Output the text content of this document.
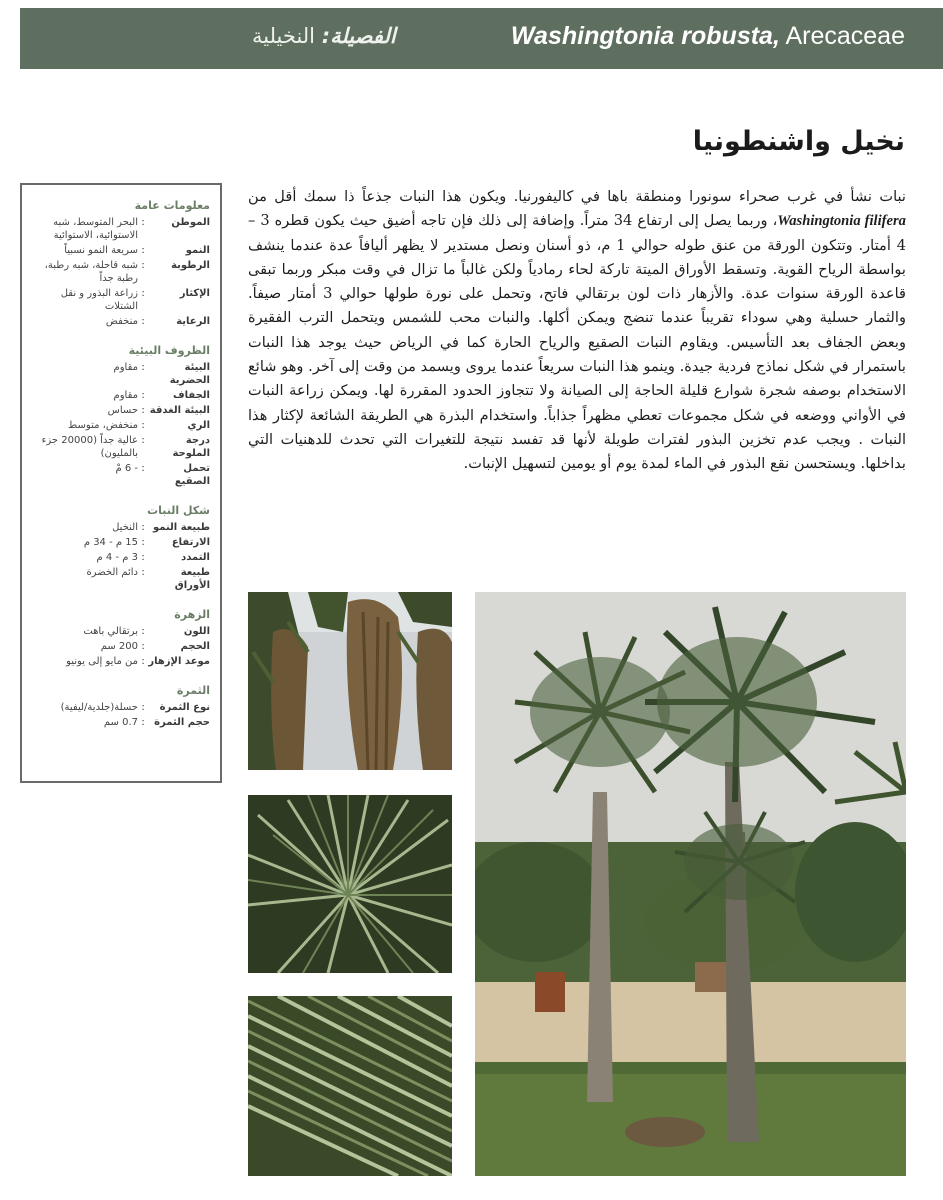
Washingtonia robusta, Arecaceae
الفصيلة: النخيلية
نخيل واشنطونيا
نبات نشأ في غرب صحراء سونورا ومنطقة باها في كاليفورنيا. ويكون هذا النبات جذعاً ذا سمك أقل من Washingtonia filifera، وربما يصل إلى ارتفاع 34 متراً. وإضافة إلى ذلك فإن تاجه أضيق حيث يكون قطره 3 – 4 أمتار. وتتكون الورقة من عنق طوله حوالي 1 م، ذو أسنان ونصل مستدير لا يظهر أليافاً عدة عندما ينشف بواسطة الرياح القوية. وتسقط الأوراق الميتة تاركة لحاء رمادياً ولكن غالباً ما تزال في وقت مبكر وربما تبقى قاعدة الورقة سنوات عدة. والأزهار ذات لون برتقالي فاتح، وتحمل على نورة طولها حوالي 3 أمتار صيفاً. والثمار حسلية وهي سوداء تقريباً عندما تنضج ويمكن أكلها. والنبات محب للشمس ويتحمل الترب الفقيرة وبعض الجفاف بعد التأسيس. ويقاوم النبات الصقيع والرياح الحارة كما في الرياض حيث يوجد هذا النبات باستمرار في شكل نماذج فردية جيدة. وينمو هذا النبات سريعاً عندما يروى ويسمد من وقت إلى آخر. وهو شائع الاستخدام بوصفه شجرة شوارع قليلة الحاجة إلى الصيانة ولا تتجاوز الحدود المقررة لها. ويمكن زراعة النبات في الأواني ووضعه في شكل مجموعات تعطي مظهراً جذاباً. واستخدام البذرة هي الطريقة الشائعة لإكثار هذا النبات . ويجب عدم تخزين البذور لفترات طويلة لأنها قد تفسد نتيجة للتغيرات التي تحدث للدهنيات التي بداخلها. ويستحسن نقع البذور في الماء لمدة يوم أو يومين لتسهيل الإنبات.
معلومات عامة
الموطن
:
البحر المتوسط، شبه الاستوائية، الاستوائية
النمو
:
سريعة النمو نسبياً
الرطوبة
:
شبه قاحلة، شبه رطبة، رطبة جداً
الإكثار
:
زراعة البذور و نقل الشتلات
الرعاية
:
منخفض
الظروف البيئية
البيئة الحضرية
:
مقاوم
الجفاف
:
مقاوم
البيئة الغدقة
:
حساس
الري
:
منخفض، متوسط
درجة الملوحة
:
عالية جداً (20000 جزء بالمليون)
تحمل الصقيع
:
- 6 مْ
شكل النبات
طبيعة النمو
:
النخيل
الارتفاع
:
15 م - 34 م
التمدد
:
3 م - 4 م
طبيعة الأوراق
:
دائم الخضرة
الزهرة
اللون
:
برتقالي باهت
الحجم
:
200 سم
موعد الإزهار
:
من مايو إلى يونيو
الثمرة
نوع الثمرة
:
حسلة(جلدية/ليفية)
حجم الثمرة
:
0.7 سم
